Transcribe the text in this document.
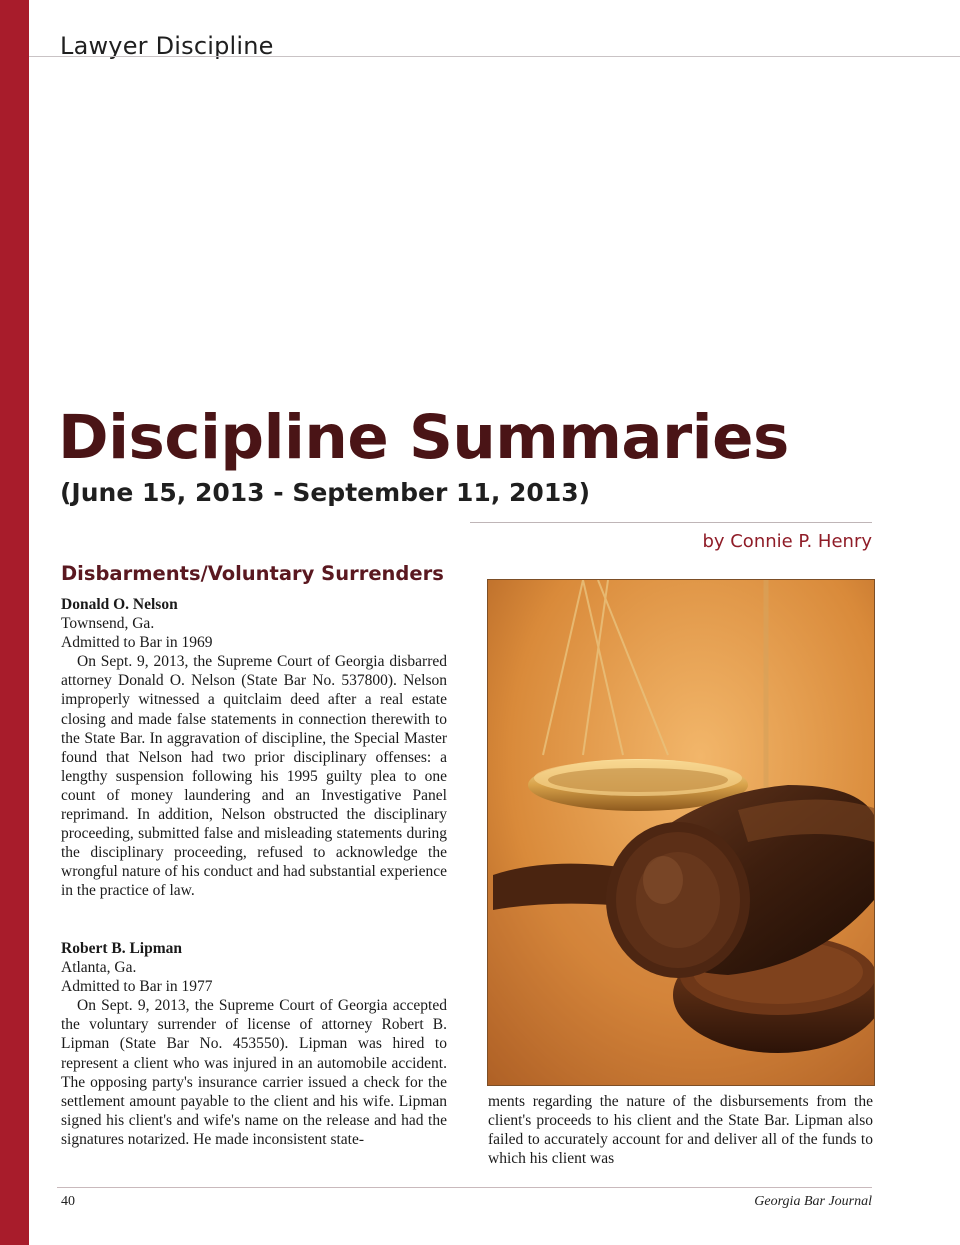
Lawyer Discipline
Discipline Summaries
(June 15, 2013 - September 11, 2013)
by Connie P. Henry
Disbarments/Voluntary Surrenders

Donald O. Nelson

Townsend, Ga.

Admitted to Bar in 1969

On Sept. 9, 2013, the Supreme Court of Georgia disbarred attorney Donald O. Nelson (State Bar No. 537800). Nelson improperly witnessed a quitclaim deed after a real estate closing and made false statements in connection therewith to the State Bar. In aggravation of discipline, the Special Master found that Nelson had two prior disciplinary offenses: a lengthy suspension following his 1995 guilty plea to one count of money laundering and an Investigative Panel reprimand. In addition, Nelson obstructed the disciplinary proceeding, submitted false and misleading statements during the disciplinary proceeding, refused to acknowledge the wrongful nature of his conduct and had substantial experience in the practice of law.

Robert B. Lipman

Atlanta, Ga.

Admitted to Bar in 1977

On Sept. 9, 2013, the Supreme Court of Georgia accepted the voluntary surrender of license of attorney Robert B. Lipman (State Bar No. 453550). Lipman was hired to represent a client who was injured in an automobile accident. The opposing party's insurance carrier issued a check for the settlement amount payable to the client and his wife. Lipman signed his client's and wife's name on the release and had the signatures notarized. He made inconsistent state-

ments regarding the nature of the disbursements from the client's proceeds to his client and the State Bar. Lipman also failed to accurately account for and deliver all of the funds to which his client was

40	Georgia Bar Journal
